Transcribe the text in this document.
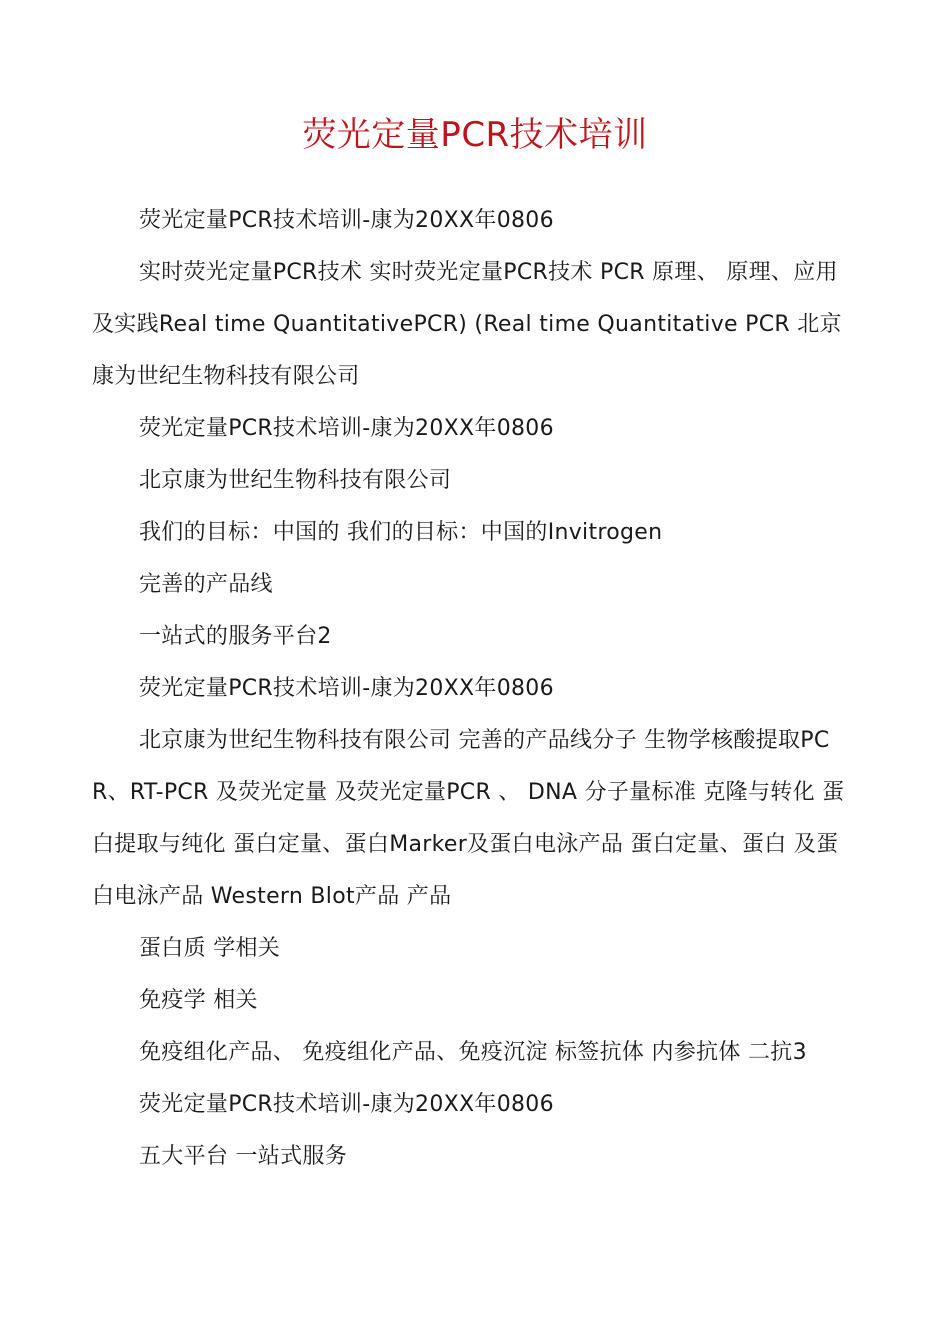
荧光定量PCR技术培训

荧光定量PCR技术培训-康为20XX年0806

实时荧光定量PCR技术 实时荧光定量PCR技术 PCR 原理、 原理、应用及实践Real time QuantitativePCR) (Real time Quantitative PCR 北京康为世纪生物科技有限公司

荧光定量PCR技术培训-康为20XX年0806

北京康为世纪生物科技有限公司

我们的目标：中国的 我们的目标：中国的Invitrogen

完善的产品线

一站式的服务平台2

荧光定量PCR技术培训-康为20XX年0806

北京康为世纪生物科技有限公司 完善的产品线分子 生物学核酸提取PCR、RT-PCR 及荧光定量 及荧光定量PCR 、 DNA 分子量标准 克隆与转化 蛋白提取与纯化 蛋白定量、蛋白Marker及蛋白电泳产品 蛋白定量、蛋白 及蛋白电泳产品 Western Blot产品 产品

蛋白质 学相关

免疫学 相关

免疫组化产品、 免疫组化产品、免疫沉淀 标签抗体 内参抗体 二抗3

荧光定量PCR技术培训-康为20XX年0806

五大平台 一站式服务
